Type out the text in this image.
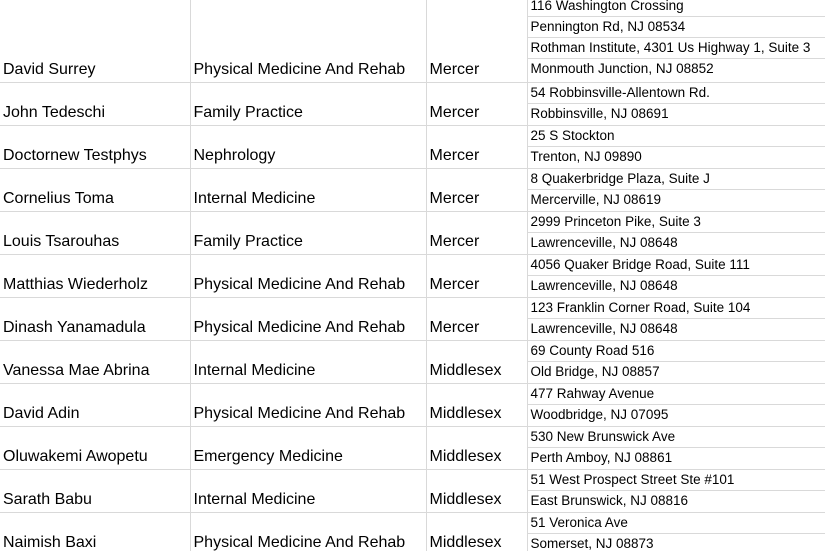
David Surrey	Physical Medicine And Rehab	Mercer	116 Washington Crossing
Pennington Rd, NJ 08534
Rothman Institute, 4301 Us Highway 1, Suite 3
Monmouth Junction, NJ 08852

John Tedeschi	Family Practice	Mercer	54 Robbinsville-Allentown Rd.
Robbinsville, NJ 08691

Doctornew Testphys	Nephrology	Mercer	25 S Stockton
Trenton, NJ 09890

Cornelius Toma	Internal Medicine	Mercer	8 Quakerbridge Plaza, Suite J
Mercerville, NJ 08619

Louis Tsarouhas	Family Practice	Mercer	2999 Princeton Pike, Suite 3
Lawrenceville, NJ 08648

Matthias Wiederholz	Physical Medicine And Rehab	Mercer	4056 Quaker Bridge Road, Suite 111
Lawrenceville, NJ 08648

Dinash Yanamadula	Physical Medicine And Rehab	Mercer	123 Franklin Corner Road, Suite 104
Lawrenceville, NJ 08648

Vanessa Mae Abrina	Internal Medicine	Middlesex	69 County Road 516
Old Bridge, NJ 08857

David Adin	Physical Medicine And Rehab	Middlesex	477 Rahway Avenue
Woodbridge, NJ 07095

Oluwakemi Awopetu	Emergency Medicine	Middlesex	530 New Brunswick Ave
Perth Amboy, NJ 08861

Sarath Babu	Internal Medicine	Middlesex	51 West Prospect Street Ste #101
East Brunswick, NJ 08816

Naimish Baxi	Physical Medicine And Rehab	Middlesex	51 Veronica Ave
Somerset, NJ 08873
